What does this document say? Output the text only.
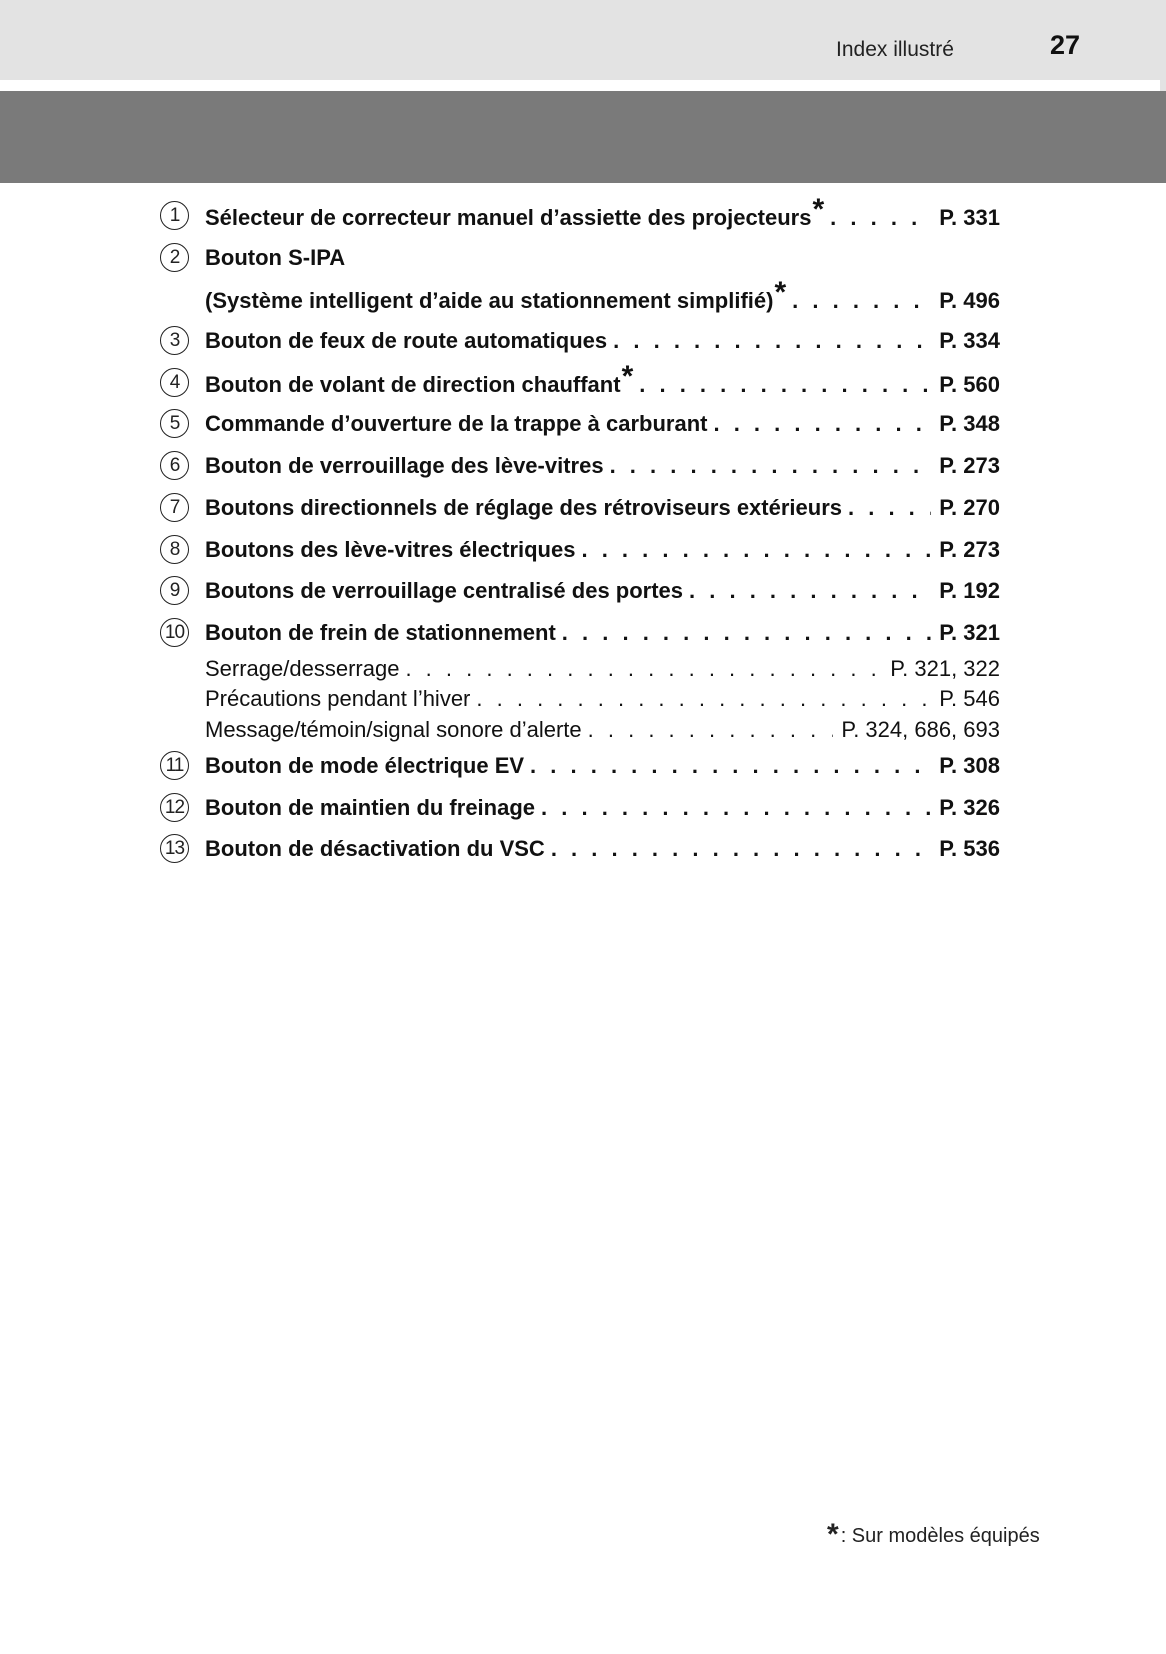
Index illustré	27
1	Sélecteur de correcteur manuel d’assiette des projecteurs * . . .	P. 331
2	Bouton S-IPA
(Système intelligent d’aide au stationnement simplifié) * . . .	P. 496
3	Bouton de feux de route automatiques . . .	P. 334
4	Bouton de volant de direction chauffant * . . .	P. 560
5	Commande d’ouverture de la trappe à carburant . . .	P. 348
6	Bouton de verrouillage des lève-vitres . . .	P. 273
7	Boutons directionnels de réglage des rétroviseurs extérieurs . . .	P. 270
8	Boutons des lève-vitres électriques . . .	P. 273
9	Boutons de verrouillage centralisé des portes . . .	P. 192
10 Bouton de frein de stationnement . . .	P. 321
Serrage/desserrage . . .	P. 321, 322
Précautions pendant l’hiver . . .	P. 546
Message/témoin/signal sonore d’alerte . . .	P. 324, 686, 693
11 Bouton de mode électrique EV . . .	P. 308
12 Bouton de maintien du freinage . . .	P. 326
13 Bouton de désactivation du VSC . . .	P. 536
* : Sur modèles équipés
